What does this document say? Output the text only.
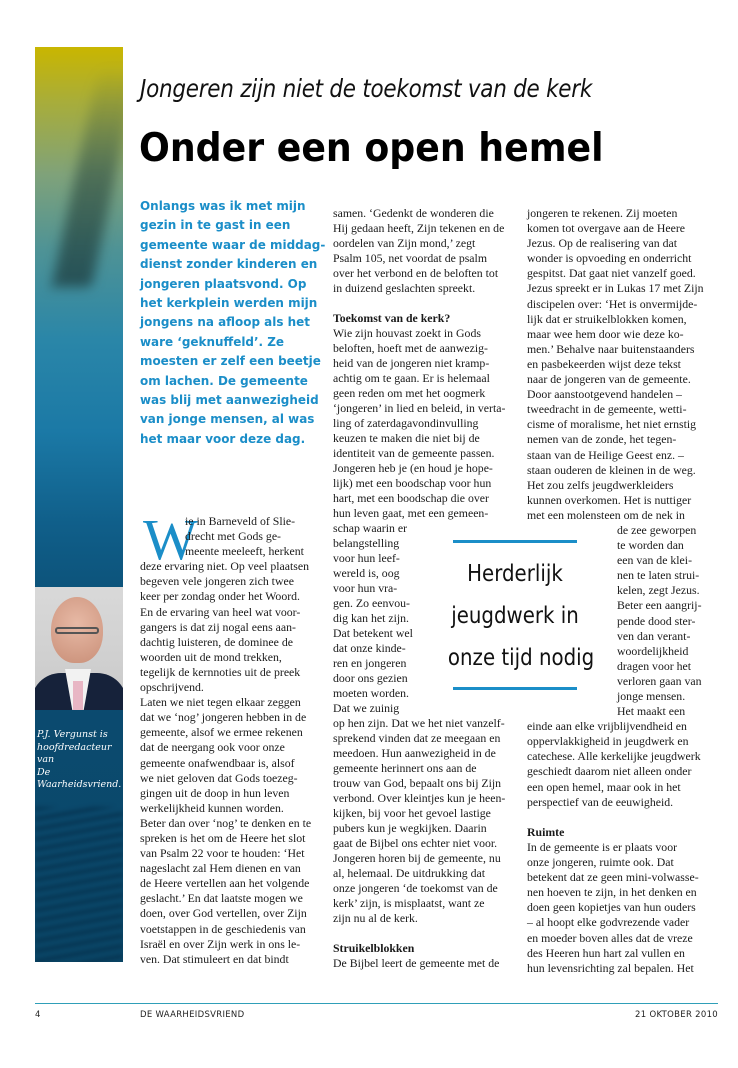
P.J. Vergunst is
hoofdredacteur van
De Waarheidsvriend.
Jongeren zijn niet de toekomst van de kerk
Onder een open hemel
Onlangs was ik met mijn
gezin in te gast in een
gemeente waar de middag-
dienst zonder kinderen en
jongeren plaatsvond. Op
het kerkplein werden mijn
jongens na afloop als het
ware ‘geknuffeld’. Ze
moesten er zelf een beetje
om lachen. De gemeente
was blij met aanwezigheid
van jonge mensen, al was
het maar voor deze dag.
W
ie in Barneveld of Slie-
drecht met Gods ge-
meente meeleeft, herkent
deze ervaring niet. Op veel plaatsen
begeven vele jongeren zich twee
keer per zondag onder het Woord.
En de ervaring van heel wat voor-
gangers is dat zij nogal eens aan-
dachtig luisteren, de dominee de
woorden uit de mond trekken,
tegelijk de kernnoties uit de preek
opschrijvend.
Laten we niet tegen elkaar zeggen
dat we ‘nog’ jongeren hebben in de
gemeente, alsof we ermee rekenen
dat de neergang ook voor onze
gemeente onafwendbaar is, alsof
we niet geloven dat Gods toezeg-
gingen uit de doop in hun leven
werkelijkheid kunnen worden.
Beter dan over ‘nog’ te denken en te
spreken is het om de Heere het slot
van Psalm 22 voor te houden: ‘Het
nageslacht zal Hem dienen en van
de Heere vertellen aan het volgende
geslacht.’ En dat laatste mogen we
doen, over God vertellen, over Zijn
voetstappen in de geschiedenis van
Israël en over Zijn werk in ons le-
ven. Dat stimuleert en dat bindt
samen. ‘Gedenkt de wonderen die
Hij gedaan heeft, Zijn tekenen en de
oordelen van Zijn mond,’ zegt
Psalm 105, net voordat de psalm
over het verbond en de beloften tot
in duizend geslachten spreekt.
Toekomst van de kerk?
Wie zijn houvast zoekt in Gods
beloften, hoeft met de aanwezig-
heid van de jongeren niet kramp-
achtig om te gaan. Er is helemaal
geen reden om met het oogmerk
‘jongeren’ in lied en beleid, in verta-
ling of zaterdagavondinvulling
keuzen te maken die niet bij de
identiteit van de gemeente passen.
Jongeren heb je (en houd je hope-
lijk) met een boodschap voor hun
hart, met een boodschap die over
hun leven gaat, met een gemeen-
schap waarin er
belangstelling
voor hun leef-
wereld is, oog
voor hun vra-
gen. Zo eenvou-
dig kan het zijn.
Dat betekent wel
dat onze kinde-
ren en jongeren
door ons gezien
moeten worden.
Dat we zuinig
op hen zijn. Dat we het niet vanzelf-
sprekend vinden dat ze meegaan en
meedoen. Hun aanwezigheid in de
gemeente herinnert ons aan de
trouw van God, bepaalt ons bij Zijn
verbond. Over kleintjes kun je heen-
kijken, bij voor het gevoel lastige
pubers kun je wegkijken. Daarin
gaat de Bijbel ons echter niet voor.
Jongeren horen bij de gemeente, nu
al, helemaal. De uitdrukking dat
onze jongeren ‘de toekomst van de
kerk’ zijn, is misplaatst, want ze
zijn nu al de kerk.
Struikelblokken
De Bijbel leert de gemeente met de
jongeren te rekenen. Zij moeten
komen tot overgave aan de Heere
Jezus. Op de realisering van dat
wonder is opvoeding en onderricht
gespitst. Dat gaat niet vanzelf goed.
Jezus spreekt er in Lukas 17 met Zijn
discipelen over: ‘Het is onvermijde-
lijk dat er struikelblokken komen,
maar wee hem door wie deze ko-
men.’ Behalve naar buitenstaanders
en pasbekeerden wijst deze tekst
naar de jongeren van de gemeente.
Door aanstootgevend handelen –
tweedracht in de gemeente, wetti-
cisme of moralisme, het niet ernstig
nemen van de zonde, het tegen-
staan van de Heilige Geest enz. –
staan ouderen de kleinen in de weg.
Het zou zelfs jeugdwerkleiders
kunnen overkomen. Het is nuttiger
met een molensteen om de nek in
de zee geworpen
te worden dan
een van de klei-
nen te laten strui-
kelen, zegt Jezus.
Beter een aangrij-
pende dood ster-
ven dan verant-
woordelijkheid
dragen voor het
verloren gaan van
jonge mensen.
Het maakt een
einde aan elke vrijblijvendheid en
oppervlakkigheid in jeugdwerk en
catechese. Alle kerkelijke jeugdwerk
geschiedt daarom niet alleen onder
een open hemel, maar ook in het
perspectief van de eeuwigheid.
Ruimte
In de gemeente is er plaats voor
onze jongeren, ruimte ook. Dat
betekent dat ze geen mini-volwasse-
nen hoeven te zijn, in het denken en
doen geen kopietjes van hun ouders
– al hoopt elke godvrezende vader
en moeder boven alles dat de vreze
des Heeren hun hart zal vullen en
hun levensrichting zal bepalen. Het
Herderlijk
jeugdwerk in
onze tijd nodig
4	DE WAARHEIDSVRIEND	21 OKTOBER 2010
